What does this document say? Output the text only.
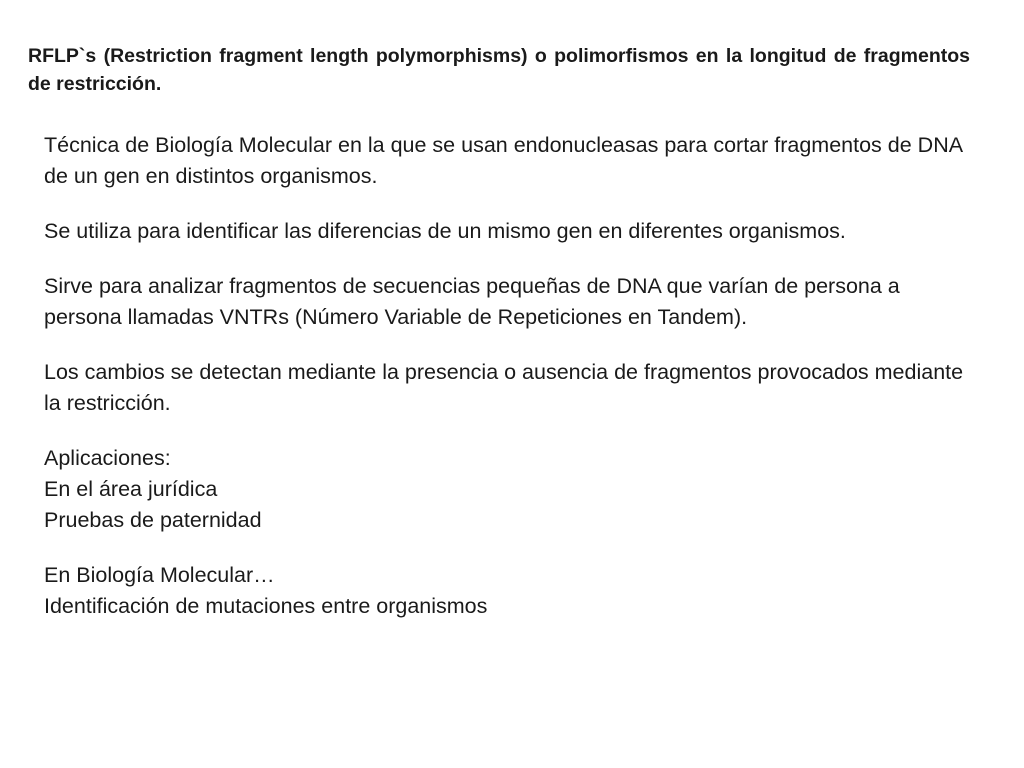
RFLP`s (Restriction fragment length polymorphisms) o polimorfismos en la longitud de fragmentos de restricción.

Técnica de Biología Molecular en la que se usan endonucleasas para cortar fragmentos de DNA de un gen en distintos organismos.

Se utiliza para identificar las diferencias de un mismo gen en diferentes organismos.

Sirve para analizar fragmentos de secuencias pequeñas de DNA que varían de persona a persona llamadas VNTRs (Número Variable de Repeticiones en Tandem).

Los cambios se detectan mediante la presencia o ausencia de fragmentos provocados mediante la restricción.

Aplicaciones:

En el área jurídica

Pruebas de paternidad

En Biología Molecular…

Identificación de mutaciones entre organismos
